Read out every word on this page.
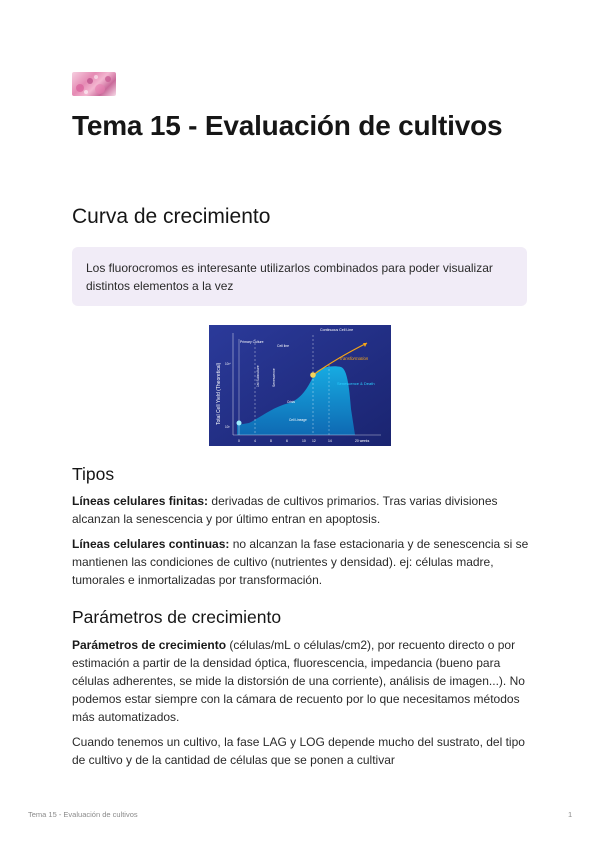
Tema 15 - Evaluación de cultivos
Curva de crecimiento
Los fluorocromos es interesante utilizarlos combinados para poder visualizar distintos elementos a la vez
Total Cell Yield (Theoretical)
Continuous Cell Line
Primary Culture
Cell line
1st Subculture	Senescence
Transformation
Senescence & Death
Crisis
Cell Lineage
10¹⁰
10³
0	4	8	6	10 12	14	20 weeks
Tipos

Líneas celulares finitas: derivadas de cultivos primarios. Tras varias divisiones alcanzan la senescencia y por último entran en apoptosis.

Líneas celulares continuas: no alcanzan la fase estacionaria y de senescencia si se mantienen las condiciones de cultivo (nutrientes y densidad). ej: células madre, tumorales e inmortalizadas por transformación.

Parámetros de crecimiento

Parámetros de crecimiento (células/mL o células/cm2), por recuento directo o por estimación a partir de la densidad óptica, fluorescencia, impedancia (bueno para células adherentes, se mide la distorsión de una corriente), análisis de imagen...). No podemos estar siempre con la cámara de recuento por lo que necesitamos métodos más automatizados.

Cuando tenemos un cultivo, la fase LAG y LOG depende mucho del sustrato, del tipo de cultivo y de la cantidad de células que se ponen a cultivar

Tema 15 - Evaluación de cultivos	1
